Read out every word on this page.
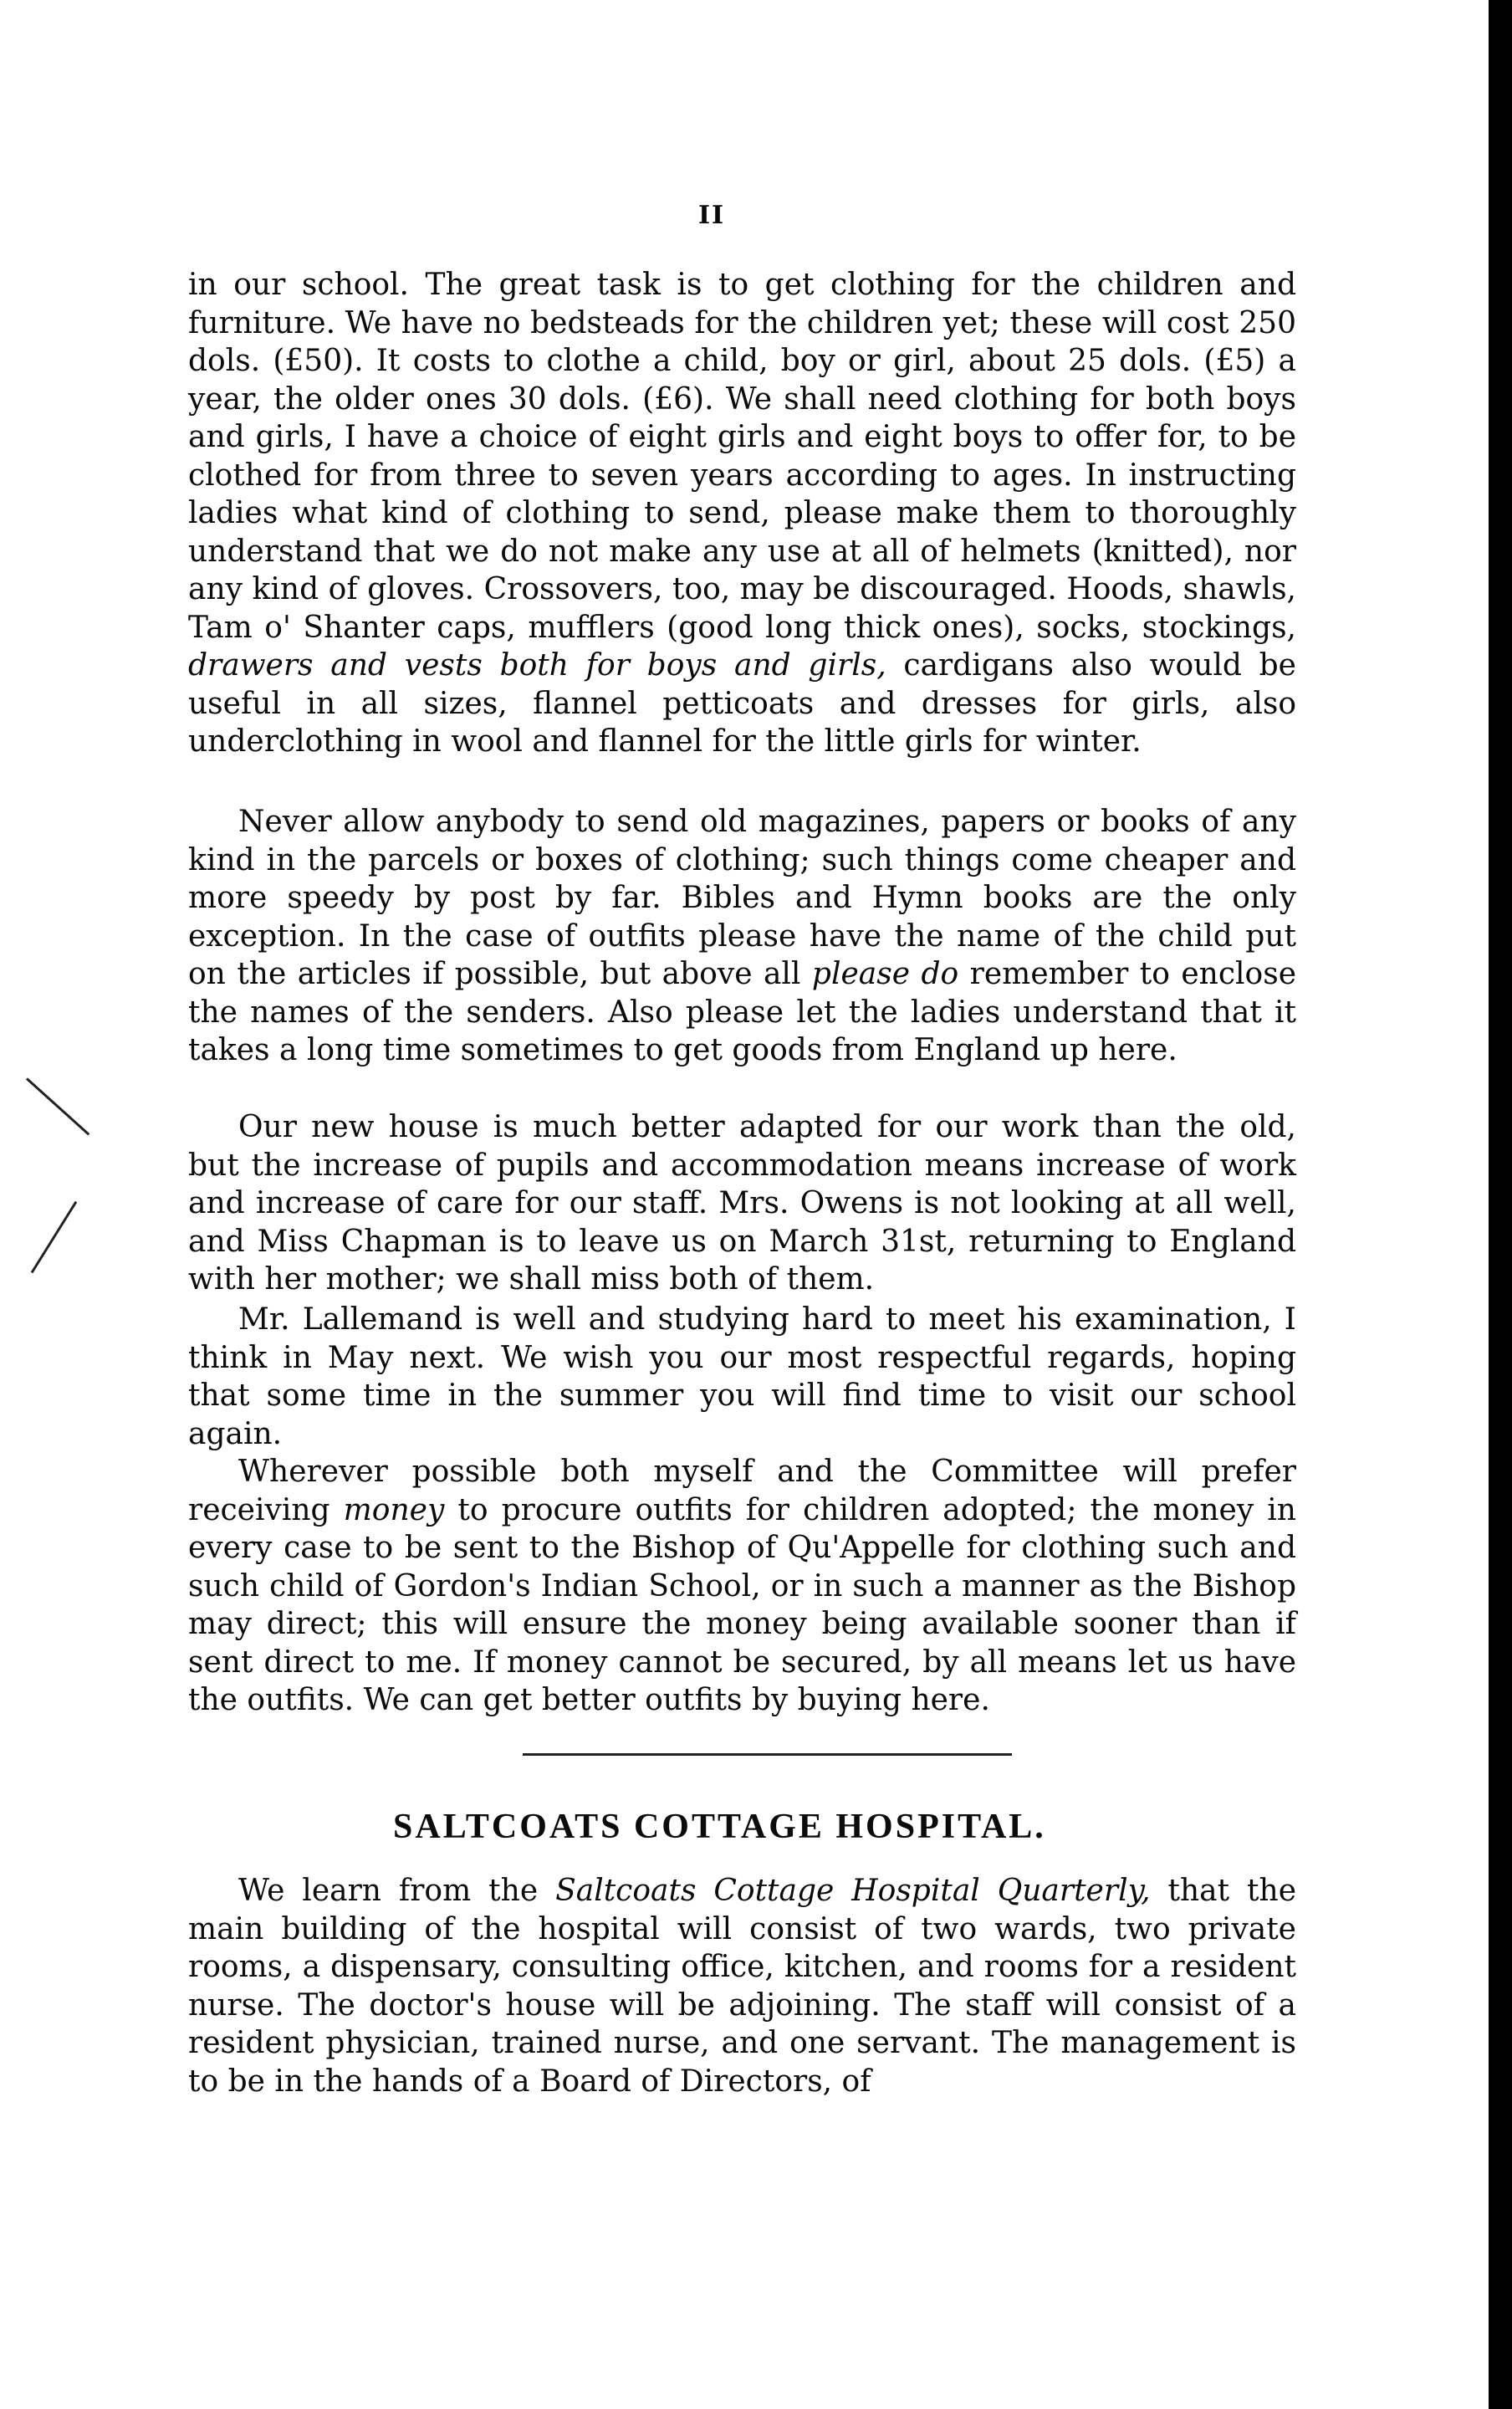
II
in our school. The great task is to get clothing for the children and furniture. We have no bedsteads for the children yet; these will cost 250 dols. (£50). It costs to clothe a child, boy or girl, about 25 dols. (£5) a year, the older ones 30 dols. (£6). We shall need clothing for both boys and girls, I have a choice of eight girls and eight boys to offer for, to be clothed for from three to seven years according to ages. In instructing ladies what kind of clothing to send, please make them to thoroughly understand that we do not make any use at all of helmets (knitted), nor any kind of gloves. Crossovers, too, may be discouraged. Hoods, shawls, Tam o' Shanter caps, mufflers (good long thick ones), socks, stockings, drawers and vests both for boys and girls, cardigans also would be useful in all sizes, flannel petticoats and dresses for girls, also underclothing in wool and flannel for the little girls for winter.
Never allow anybody to send old magazines, papers or books of any kind in the parcels or boxes of clothing; such things come cheaper and more speedy by post by far. Bibles and Hymn books are the only exception. In the case of outfits please have the name of the child put on the articles if possible, but above all please do remember to enclose the names of the senders. Also please let the ladies understand that it takes a long time sometimes to get goods from England up here.
Our new house is much better adapted for our work than the old, but the increase of pupils and accommodation means increase of work and increase of care for our staff. Mrs. Owens is not looking at all well, and Miss Chapman is to leave us on March 31st, returning to England with her mother; we shall miss both of them.
Mr. Lallemand is well and studying hard to meet his examination, I think in May next. We wish you our most respectful regards, hoping that some time in the summer you will find time to visit our school again.
Wherever possible both myself and the Committee will prefer receiving money to procure outfits for children adopted; the money in every case to be sent to the Bishop of Qu'Appelle for clothing such and such child of Gordon's Indian School, or in such a manner as the Bishop may direct; this will ensure the money being available sooner than if sent direct to me. If money cannot be secured, by all means let us have the outfits. We can get better outfits by buying here.
SALTCOATS COTTAGE HOSPITAL.
We learn from the Saltcoats Cottage Hospital Quarterly, that the main building of the hospital will consist of two wards, two private rooms, a dispensary, consulting office, kitchen, and rooms for a resident nurse. The doctor's house will be adjoining. The staff will consist of a resident physician, trained nurse, and one servant. The management is to be in the hands of a Board of Directors, of
